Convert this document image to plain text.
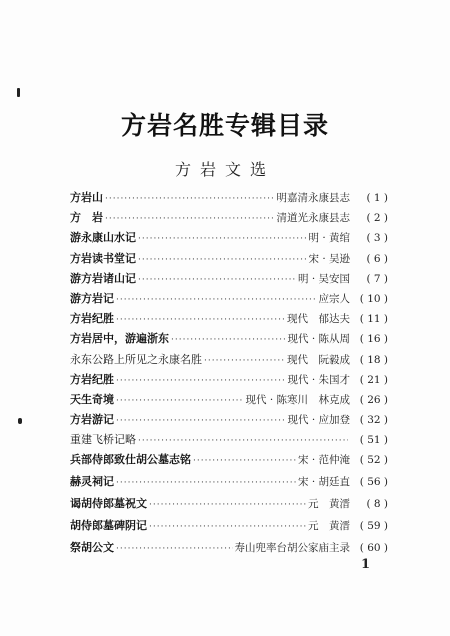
方岩名胜专辑目录
方岩文选
方岩山 ·····	明嘉清永康县志	( 1 )
方　岩 ·····	清道光永康县志	( 2 )
游永康山水记 ·····	明 · 黄绾	( 3 )
方岩读书堂记 ·····	宋 · 吴逊	( 6 )
游方岩诸山记 ·····	明 · 吴安国	( 7 )
游方岩记 ·····	应宗人 ( 10 )
方岩纪胜 ·····	现代　郁达夫 ( 11 )
方岩居中，游遍浙东 ·····	现代 · 陈从周 ( 16 )
永东公路上所见之永康名胜 ·····	现代　阮毅成 ( 18 )
方岩纪胜 ·····	现代 · 朱国才 ( 21 )
天生奇境 ·····	现代 · 陈寒川　林克成 ( 26 )
方岩游记 ·····	现代 · 应加登 ( 32 )
重建飞桥记略 ·····	( 51 )
兵部侍郎致仕胡公墓志铭 ·····	宋 · 范仲淹 ( 52 )
赫灵祠记 ·····	宋 · 胡廷直 ( 56 )
谒胡侍郎墓祝文 ·····	元　黄溍	( 8 )
胡侍郎墓碑阴记 ·····	元　黄溍 ( 59 )
祭胡公文 ·····	寿山兜率台胡公家庙主录 ( 60 )
1
